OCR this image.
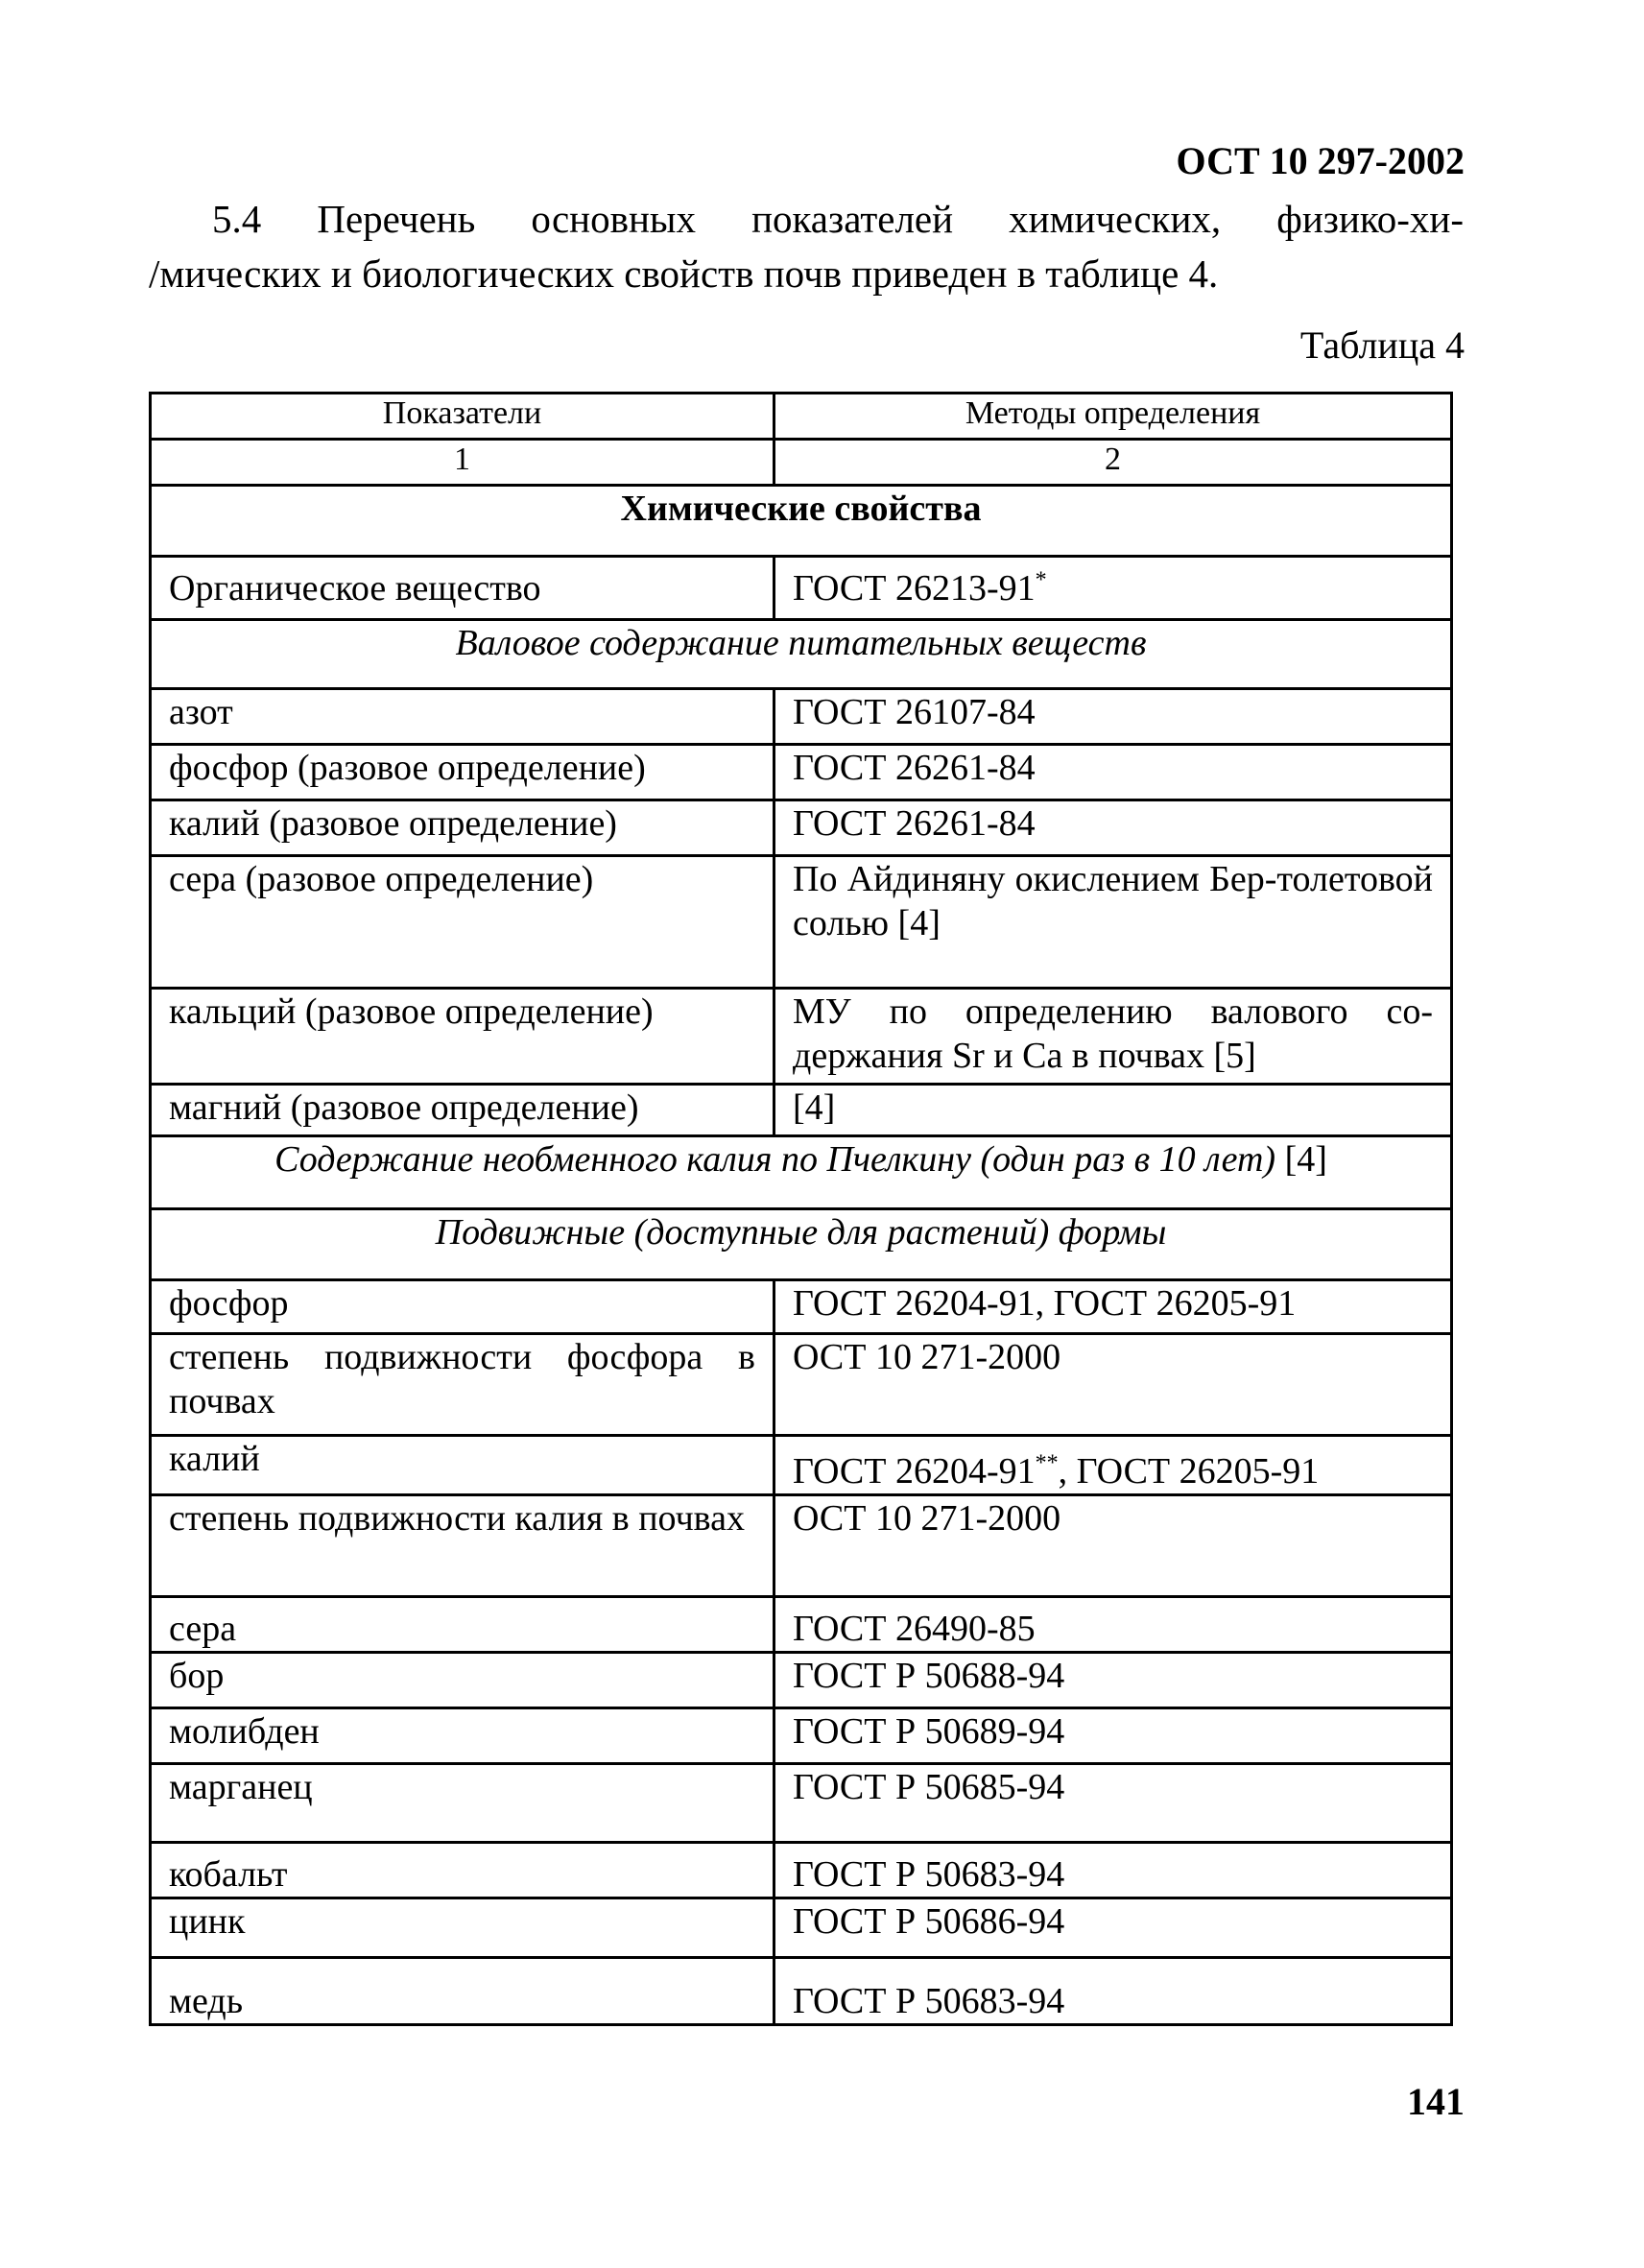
ОСТ 10 297-2002

5.4 Перечень основных показателей химических, физико-хи-

/мических и биологических свойств почв приведен в таблице 4.

Таблица 4
Показатели	Методы определения
1	2
Химические свойства	
Органическое вещество	ГОСТ 26213-91*
Валовое содержание питательных веществ	
азот	ГОСТ 26107-84
фосфор (разовое определение)	ГОСТ 26261-84
калий (разовое определение)	ГОСТ 26261-84
сера (разовое определение)	По Айдиняну окислением Бер-толетовой солью [4]
кальций (разовое определение)	МУ по определению валового со-держания Sr и Ca в почвах [5]
магний (разовое определение)	[4]
Содержание необменного калия по Пчелкину (один раз в 10 лет) [4]	
Подвижные (доступные для растений) формы	
фосфор	ГОСТ 26204-91, ГОСТ 26205-91
степень подвижности фосфора в почвах	ОСТ 10 271-2000
калий	ГОСТ 26204-91**, ГОСТ 26205-91
степень подвижности калия в почвах	ОСТ 10 271-2000
сера	ГОСТ 26490-85
бор	ГОСТ Р 50688-94
молибден	ГОСТ Р 50689-94
марганец	ГОСТ Р 50685-94
кобальт	ГОСТ Р 50683-94
цинк	ГОСТ Р 50686-94
медь	ГОСТ Р 50683-94
141
